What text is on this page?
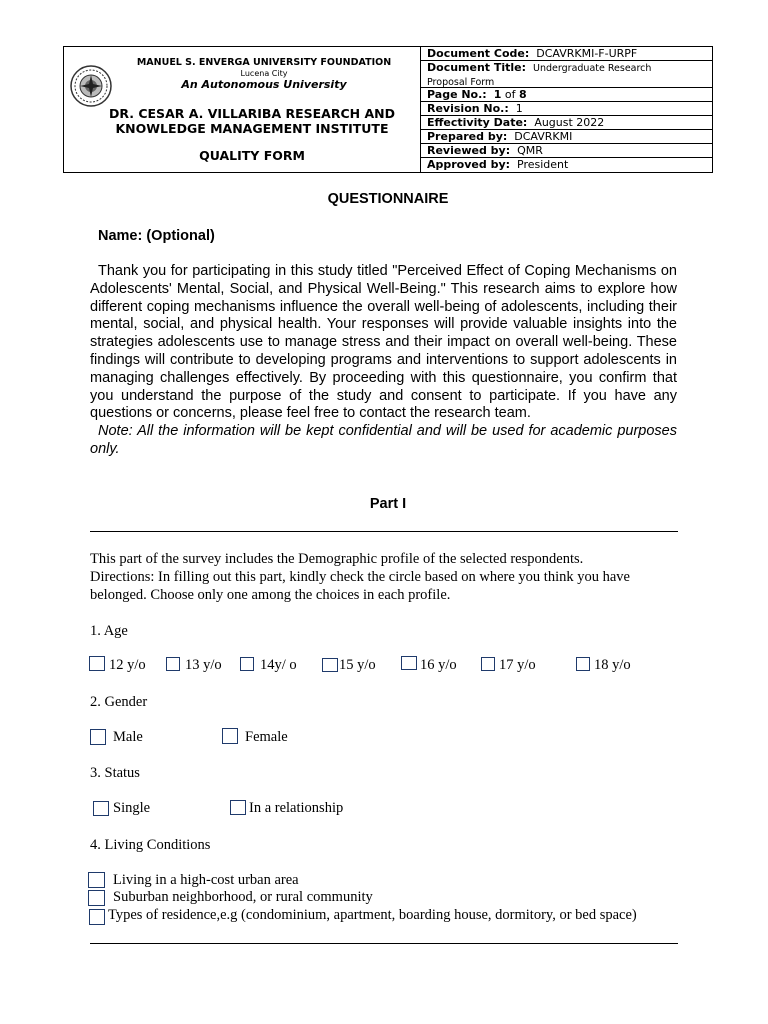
MANUEL S. ENVERGA UNIVERSITY FOUNDATION
Lucena City
An Autonomous University
DR. CESAR A. VILLARIBA RESEARCH AND
KNOWLEDGE MANAGEMENT INSTITUTE
QUALITY FORM
Document Code: DCAVRKMI-F-URPF
Document Title: Undergraduate Research
Proposal Form
Page No.: 1 of 8
Revision No.: 1
Effectivity Date: August 2022
Prepared by: DCAVRKMI
Reviewed by: QMR
Approved by: President
QUESTIONNAIRE
Name: (Optional)

Thank you for participating in this study titled "Perceived Effect of Coping Mechanisms on Adolescents' Mental, Social, and Physical Well-Being." This research aims to explore how different coping mechanisms influence the overall well-being of adolescents, including their mental, social, and physical health. Your responses will provide valuable insights into the strategies adolescents use to manage stress and their impact on overall well-being. These findings will contribute to developing programs and interventions to support adolescents in managing challenges effectively. By proceeding with this questionnaire, you confirm that you understand the purpose of the study and consent to participate. If you have any questions or concerns, please feel free to contact the research team.

Note: All the information will be kept confidential and will be used for academic purposes only.

Part I
This part of the survey includes the Demographic profile of the selected respondents.
Directions: In filling out this part, kindly check the circle based on where you think you have
belonged. Choose only one among the choices in each profile.
1. Age
12 y/o	13 y/o	14y/ o	15 y/o	16 y/o	17 y/o	18 y/o
2. Gender
Male	Female
3. Status
Single	In a relationship
4. Living Conditions
Living in a high-cost urban area
Suburban neighborhood, or rural community
Types of residence,e.g (condominium, apartment, boarding house, dormitory, or bed space)
